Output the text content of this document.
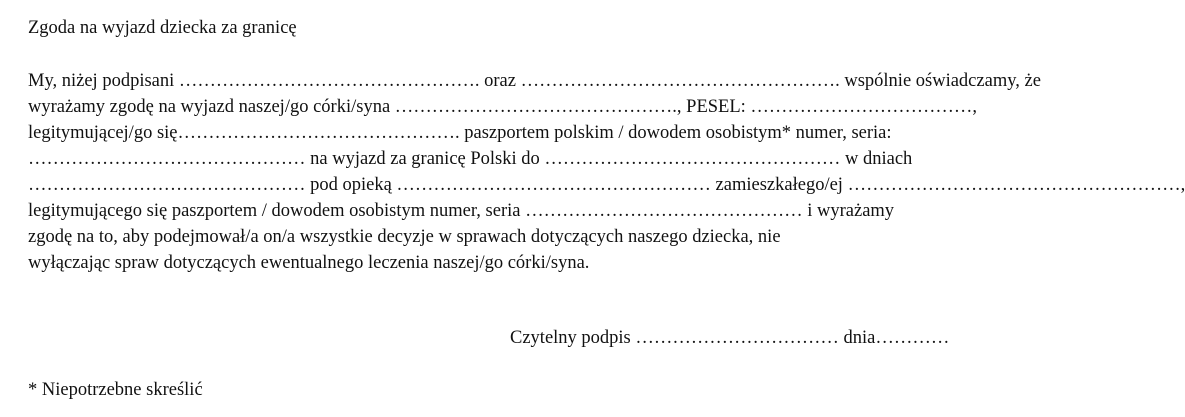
Zgoda na wyjazd dziecka za granicę
My, niżej podpisani …………………………………………. oraz ……………………………………………. wspólnie oświadczamy, że
wyrażamy zgodę na wyjazd naszej/go córki/syna ………………………………………., PESEL: ………………………………,
legitymującej/go się………………………………………. paszportem polskim / dowodem osobistym* numer, seria:
……………………………………… na wyjazd za granicę Polski do ………………………………………… w dniach
……………………………………… pod opieką …………………………………………… zamieszkałego/ej ………………………………………………,
legitymującego się paszportem / dowodem osobistym numer, seria ……………………………………… i wyrażamy
zgodę na to, aby podejmował/a on/a wszystkie decyzje w sprawach dotyczących naszego dziecka, nie
wyłączając spraw dotyczących ewentualnego leczenia naszej/go córki/syna.
Czytelny podpis …………………………… dnia…………
* Niepotrzebne skreślić
